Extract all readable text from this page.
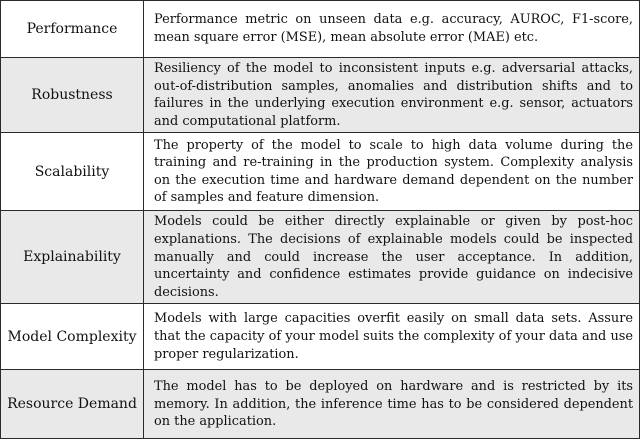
Performance	Performance metric on unseen data e.g. accuracy, AUROC, F1-score, mean square error (MSE), mean absolute error (MAE) etc.
Robustness	Resiliency of the model to inconsistent inputs e.g. adversarial attacks, out-of-distribution samples, anomalies and distribution shifts and to failures in the underlying execution environment e.g. sensor, actuators and computational platform.
Scalability	The property of the model to scale to high data volume during the training and re-training in the production system. Complexity analysis on the execution time and hardware demand dependent on the number of samples and feature dimension.
Explainability	Models could be either directly explainable or given by post-hoc explanations. The decisions of explainable models could be inspected manually and could increase the user acceptance. In addition, uncertainty and confidence estimates provide guidance on indecisive decisions.
Model Complexity	Models with large capacities overfit easily on small data sets. Assure that the capacity of your model suits the complexity of your data and use proper regularization.
Resource Demand	The model has to be deployed on hardware and is restricted by its memory. In addition, the inference time has to be considered dependent on the application.
